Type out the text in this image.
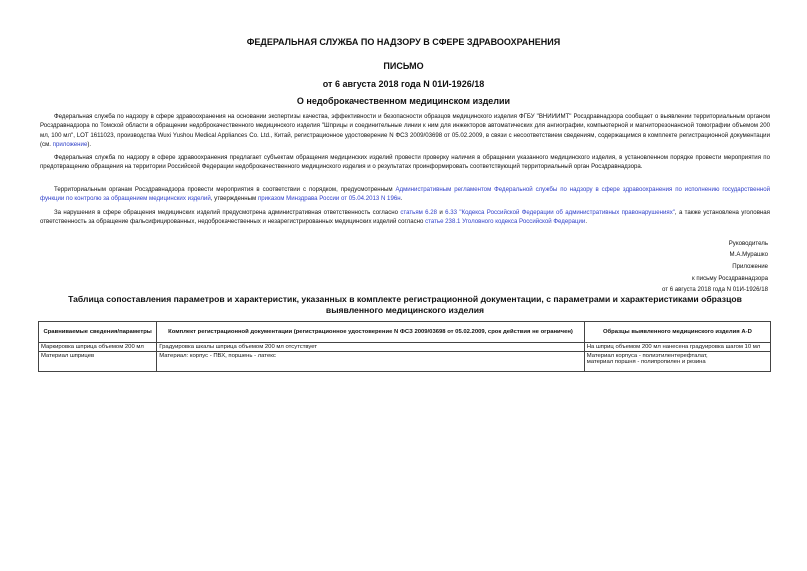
ФЕДЕРАЛЬНАЯ СЛУЖБА ПО НАДЗОРУ В СФЕРЕ ЗДРАВООХРАНЕНИЯ
ПИСЬМО
от 6 августа 2018 года N 01И-1926/18
О недоброкачественном медицинском изделии
Федеральная служба по надзору в сфере здравоохранения на основании экспертизы качества, эффективности и безопасности образцов медицинского изделия ФГБУ "ВНИИИМТ" Росздравнадзора сообщает о выявлении территориальным органом Росздравнадзора по Томской области в обращении недоброкачественного медицинского изделия "Шприцы и соединительные линии к ним для инжекторов автоматических для ангиографии, компьютерной и магниторезонансной томографии объемом 200 мл, 100 мл", LOT 1611023, производства Wuxi Yushou Medical Appliances Co. Ltd., Китай, регистрационное удостоверение N ФСЗ 2009/03698 от 05.02.2009, в связи с несоответствием сведениям, содержащимся в комплекте регистрационной документации (см. приложение).
Федеральная служба по надзору в сфере здравоохранения предлагает субъектам обращения медицинских изделий провести проверку наличия в обращении указанного медицинского изделия, в установленном порядке провести мероприятия по предотвращению обращения на территории Российской Федерации недоброкачественного медицинского изделия и о результатах проинформировать соответствующий территориальный орган Росздравнадзора.
Территориальным органам Росздравнадзора провести мероприятия в соответствии с порядком, предусмотренным Административным регламентом Федеральной службы по надзору в сфере здравоохранения по исполнению государственной функции по контролю за обращением медицинских изделий, утвержденным приказом Минздрава России от 05.04.2013 N 196н.
За нарушения в сфере обращения медицинских изделий предусмотрена административная ответственность согласно статьям 6.28 и 6.33 "Кодекса Российской Федерации об административных правонарушениях", а также установлена уголовная ответственность за обращение фальсифицированных, недоброкачественных и незарегистрированных медицинских изделий согласно статье 238.1 Уголовного кодекса Российской Федерации.
Руководитель
М.А.Мурашко
Приложение
к письму Росздравнадзора
от 6 августа 2018 года N 01И-1926/18
Таблица сопоставления параметров и характеристик, указанных в комплекте регистрационной документации, с параметрами и характеристиками образцов выявленного медицинского изделия
Сравниваемые сведения/параметры	Комплект регистрационной документации (регистрационное удостоверение N ФСЗ 2009/03698 от 05.02.2009, срок действия не ограничен)	Образцы выявленного медицинского изделия A-D
Маркировка шприца объемом 200 мл	Градуировка шкалы шприца объемом 200 мл отсутствует	На шприц объемом 200 мл нанесена градуировка шагом 10 мл
Материал шприцев	Материал: корпус - ПВХ, поршень - латекс	Материал корпуса - полиэтилентерефталат,
материал поршня - полипропилен и резина
